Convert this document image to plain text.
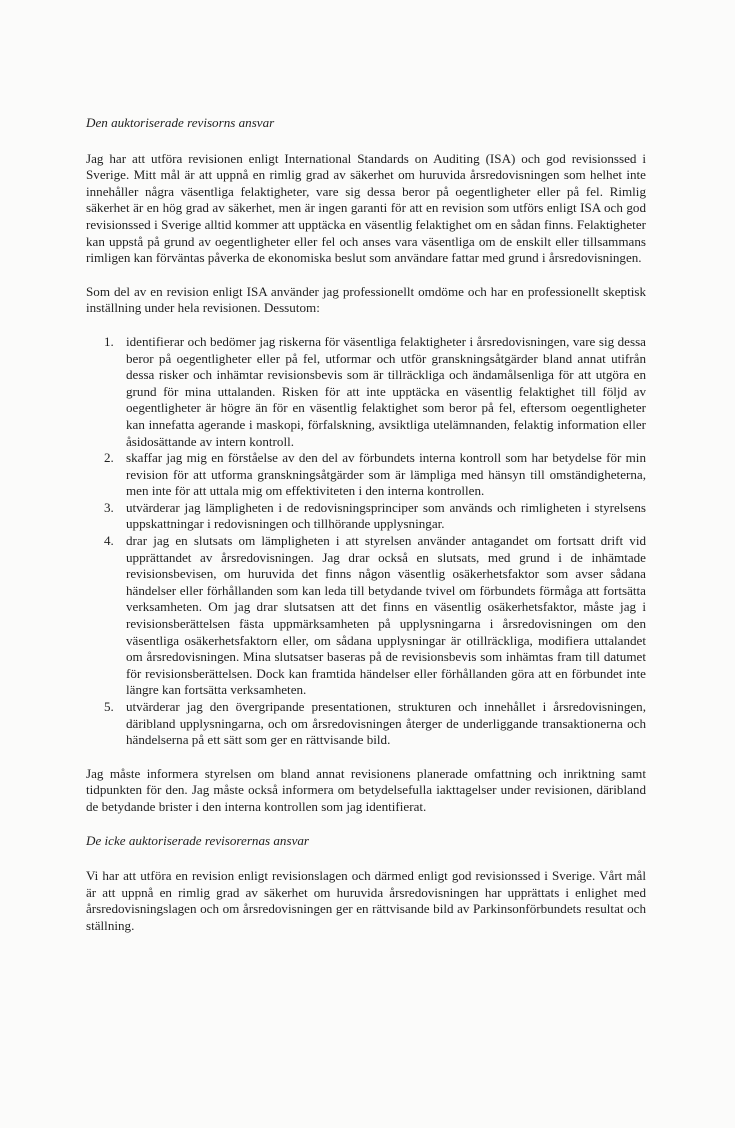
Den auktoriserade revisorns ansvar

Jag har att utföra revisionen enligt International Standards on Auditing (ISA) och god revisionssed i Sverige. Mitt mål är att uppnå en rimlig grad av säkerhet om huruvida årsredovisningen som helhet inte innehåller några väsentliga felaktigheter, vare sig dessa beror på oegentligheter eller på fel. Rimlig säkerhet är en hög grad av säkerhet, men är ingen garanti för att en revision som utförs enligt ISA och god revisionssed i Sverige alltid kommer att upptäcka en väsentlig felaktighet om en sådan finns. Felaktigheter kan uppstå på grund av oegentligheter eller fel och anses vara väsentliga om de enskilt eller tillsammans rimligen kan förväntas påverka de ekonomiska beslut som användare fattar med grund i årsredovisningen.

Som del av en revision enligt ISA använder jag professionellt omdöme och har en professionellt skeptisk inställning under hela revisionen. Dessutom:

1. identifierar och bedömer jag riskerna för väsentliga felaktigheter i årsredovisningen, vare sig dessa beror på oegentligheter eller på fel, utformar och utför granskningsåtgärder bland annat utifrån dessa risker och inhämtar revisionsbevis som är tillräckliga och ändamålsenliga för att utgöra en grund för mina uttalanden. Risken för att inte upptäcka en väsentlig felaktighet till följd av oegentligheter är högre än för en väsentlig felaktighet som beror på fel, eftersom oegentligheter kan innefatta agerande i maskopi, förfalskning, avsiktliga utelämnanden, felaktig information eller åsidosättande av intern kontroll.
2. skaffar jag mig en förståelse av den del av förbundets interna kontroll som har betydelse för min revision för att utforma granskningsåtgärder som är lämpliga med hänsyn till omständigheterna, men inte för att uttala mig om effektiviteten i den interna kontrollen.
3. utvärderar jag lämpligheten i de redovisningsprinciper som används och rimligheten i styrelsens uppskattningar i redovisningen och tillhörande upplysningar.
4. drar jag en slutsats om lämpligheten i att styrelsen använder antagandet om fortsatt drift vid upprättandet av årsredovisningen. Jag drar också en slutsats, med grund i de inhämtade revisionsbevisen, om huruvida det finns någon väsentlig osäkerhetsfaktor som avser sådana händelser eller förhållanden som kan leda till betydande tvivel om förbundets förmåga att fortsätta verksamheten. Om jag drar slutsatsen att det finns en väsentlig osäkerhetsfaktor, måste jag i revisionsberättelsen fästa uppmärksamheten på upplysningarna i årsredovisningen om den väsentliga osäkerhetsfaktorn eller, om sådana upplysningar är otillräckliga, modifiera uttalandet om årsredovisningen. Mina slutsatser baseras på de revisionsbevis som inhämtas fram till datumet för revisionsberättelsen. Dock kan framtida händelser eller förhållanden göra att en förbundet inte längre kan fortsätta verksamheten.
5. utvärderar jag den övergripande presentationen, strukturen och innehållet i årsredovisningen, däribland upplysningarna, och om årsredovisningen återger de underliggande transaktionerna och händelserna på ett sätt som ger en rättvisande bild.

Jag måste informera styrelsen om bland annat revisionens planerade omfattning och inriktning samt tidpunkten för den. Jag måste också informera om betydelsefulla iakttagelser under revisionen, däribland de betydande brister i den interna kontrollen som jag identifierat.

De icke auktoriserade revisorernas ansvar

Vi har att utföra en revision enligt revisionslagen och därmed enligt god revisionssed i Sverige. Vårt mål är att uppnå en rimlig grad av säkerhet om huruvida årsredovisningen har upprättats i enlighet med årsredovisningslagen och om årsredovisningen ger en rättvisande bild av Parkinsonförbundets resultat och ställning.
